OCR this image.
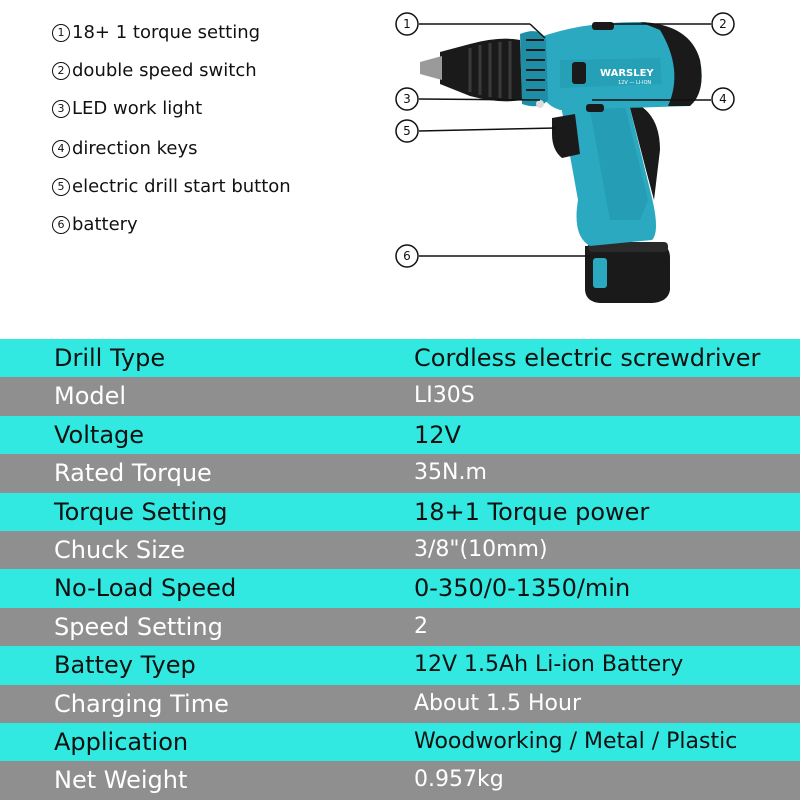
1 18+ 1 torque setting
2 double speed switch
3 LED work light
4 direction keys
5 electric drill start button
6 battery
WARSLEY
12V — LI-ION
1	2
3	4
5
6
Drill Type	Cordless electric screwdriver
Model	LI30S
Voltage	12V
Rated Torque	35N.m
Torque Setting	18+1 Torque power
Chuck Size	3/8"(10mm)
No-Load Speed	0-350/0-1350/min
Speed Setting	2
Battey Tyep	12V 1.5Ah Li-ion Battery
Charging Time	About 1.5 Hour
Application	Woodworking / Metal / Plastic
Net Weight	0.957kg
